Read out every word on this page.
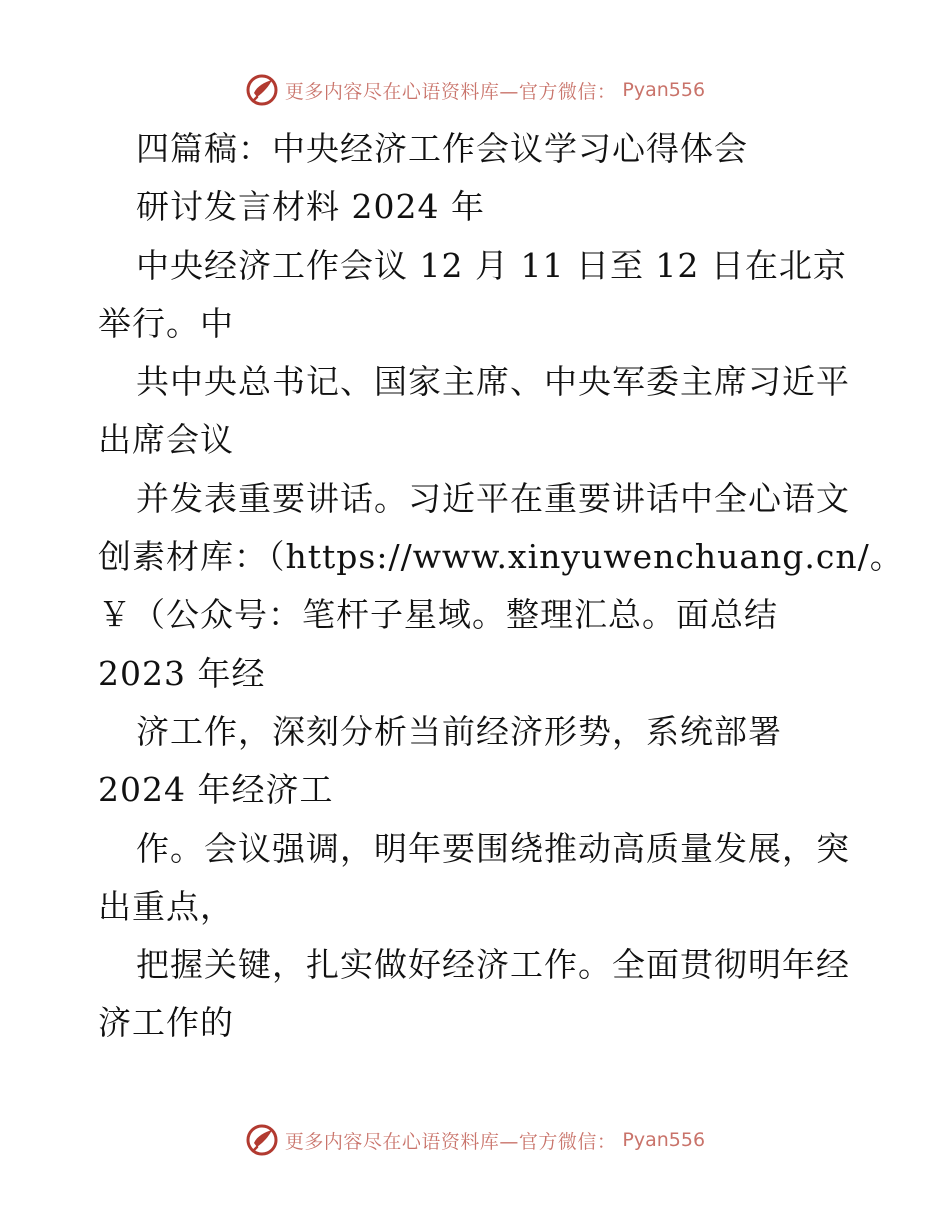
更多内容尽在心语资料库—官方微信： Pyan556
四篇稿：中央经济工作会议学习心得体会
研讨发言材料 2024 年
中央经济工作会议 12 月 11 日至 12 日在北京
举行。中
共中央总书记、国家主席、中央军委主席习近平
出席会议
并发表重要讲话。习近平在重要讲话中全心语文
创素材库：（https://www.xinyuwenchuang.cn/。
￥（公众号：笔杆子星域。整理汇总。面总结
2023 年经
济工作，深刻分析当前经济形势，系统部署
2024 年经济工
作。会议强调，明年要围绕推动高质量发展，突
出重点，
把握关键，扎实做好经济工作。全面贯彻明年经
济工作的
更多内容尽在心语资料库—官方微信： Pyan556
